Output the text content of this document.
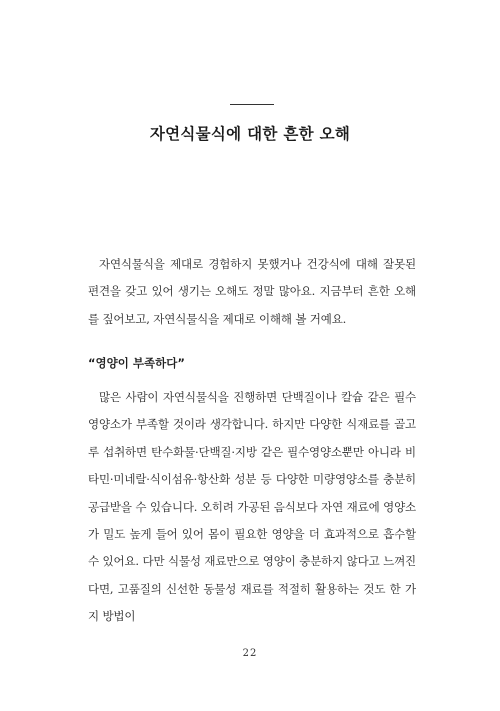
자연식물식에 대한 흔한 오해

자연식물식을 제대로 경험하지 못했거나 건강식에 대해 잘못된 편견을 갖고 있어 생기는 오해도 정말 많아요. 지금부터 흔한 오해를 짚어보고, 자연식물식을 제대로 이해해 볼 거예요.

“영양이 부족하다”

많은 사람이 자연식물식을 진행하면 단백질이나 칼슘 같은 필수 영양소가 부족할 것이라 생각합니다. 하지만 다양한 식재료를 골고루 섭취하면 탄수화물·단백질·지방 같은 필수영양소뿐만 아니라 비타민·미네랄·식이섬유·항산화 성분 등 다양한 미량영양소를 충분히 공급받을 수 있습니다. 오히려 가공된 음식보다 자연 재료에 영양소가 밀도 높게 들어 있어 몸이 필요한 영양을 더 효과적으로 흡수할 수 있어요. 다만 식물성 재료만으로 영양이 충분하지 않다고 느껴진다면, 고품질의 신선한 동물성 재료를 적절히 활용하는 것도 한 가지 방법이

22
